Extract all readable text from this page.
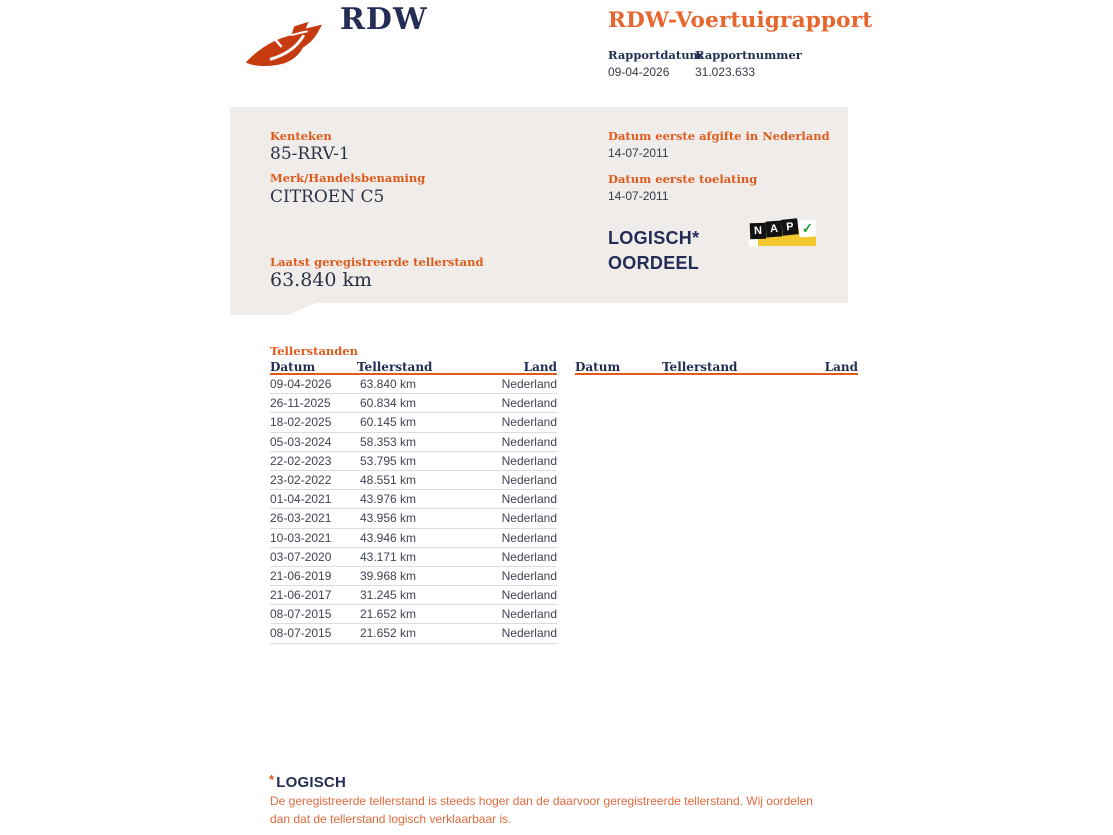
RDW	RDW-Voertuigrapport
Rapportdatum
09-04-2026
Rapportnummer
31.023.633
Kenteken
85-RRV-1
Merk/Handelsbenaming
CITROEN C5
Laatst geregistreerde tellerstand
63.840 km
Datum eerste afgifte in Nederland
14-07-2011
Datum eerste toelating
14-07-2011
LOGISCH*
OORDEEL
N A P ✓
Tellerstanden
Datum	Tellerstand	Land
09-04-2026 63.840 km	Nederland
26-11-2025 60.834 km	Nederland
18-02-2025 60.145 km	Nederland
05-03-2024 58.353 km	Nederland
22-02-2023 53.795 km	Nederland
23-02-2022 48.551 km	Nederland
01-04-2021 43.976 km	Nederland
26-03-2021 43.956 km	Nederland
10-03-2021 43.946 km	Nederland
03-07-2020 43.171 km	Nederland
21-06-2019 39.968 km	Nederland
21-06-2017 31.245 km	Nederland
08-07-2015 21.652 km	Nederland
08-07-2015 21.652 km	Nederland
Datum	Tellerstand	Land
* LOGISCH

De geregistreerde tellerstand is steeds hoger dan de daarvoor geregistreerde tellerstand. Wij oordelen dan dat de tellerstand logisch verklaarbaar is.
